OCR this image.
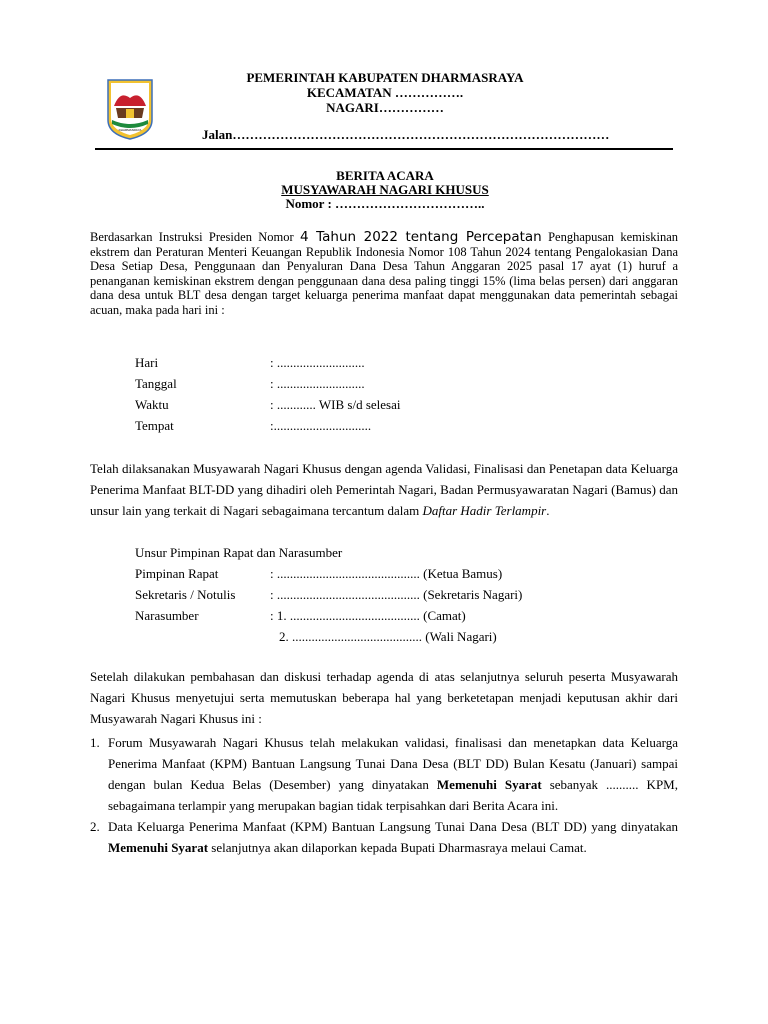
DHARMASRAYA
PEMERINTAH KABUPATEN DHARMASRAYA
KECAMATAN …………….
NAGARI……………
Jalan……………………………………………………………………………
BERITA ACARA
MUSYAWARAH NAGARI KHUSUS
Nomor : ……………………………..
Berdasarkan Instruksi Presiden Nomor 4 Tahun 2022 tentang Percepatan Penghapusan kemiskinan ekstrem dan Peraturan Menteri Keuangan Republik Indonesia Nomor 108 Tahun 2024 tentang Pengalokasian Dana Desa Setiap Desa, Penggunaan dan Penyaluran Dana Desa Tahun Anggaran 2025 pasal 17 ayat (1) huruf a penanganan kemiskinan ekstrem dengan penggunaan dana desa paling tinggi 15% (lima belas persen) dari anggaran dana desa untuk BLT desa dengan target keluarga penerima manfaat dapat menggunakan data pemerintah sebagai acuan, maka pada hari ini :
Hari	: ...........................
Tanggal	: ...........................
Waktu	: ............ WIB s/d selesai
Tempat	:..............................
Telah dilaksanakan Musyawarah Nagari Khusus dengan agenda Validasi, Finalisasi dan Penetapan data Keluarga Penerima Manfaat BLT-DD yang dihadiri oleh Pemerintah Nagari, Badan Permusyawaratan Nagari (Bamus) dan unsur lain yang terkait di Nagari sebagaimana tercantum dalam Daftar Hadir Terlampir.
Unsur Pimpinan Rapat dan Narasumber
Pimpinan Rapat	: ............................................ (Ketua Bamus)
Sekretaris / Notulis	: ............................................ (Sekretaris Nagari)
Narasumber	: 1. ........................................ (Camat)
2. ........................................ (Wali Nagari)
Setelah dilakukan pembahasan dan diskusi terhadap agenda di atas selanjutnya seluruh peserta Musyawarah Nagari Khusus menyetujui serta memutuskan beberapa hal yang berketetapan menjadi keputusan akhir dari Musyawarah Nagari Khusus ini :
1. Forum Musyawarah Nagari Khusus telah melakukan validasi, finalisasi dan menetapkan data Keluarga Penerima Manfaat (KPM) Bantuan Langsung Tunai Dana Desa (BLT DD) Bulan Kesatu (Januari) sampai dengan bulan Kedua Belas (Desember) yang dinyatakan Memenuhi Syarat sebanyak .......... KPM, sebagaimana terlampir yang merupakan bagian tidak terpisahkan dari Berita Acara ini.
2. Data Keluarga Penerima Manfaat (KPM) Bantuan Langsung Tunai Dana Desa (BLT DD) yang dinyatakan Memenuhi Syarat selanjutnya akan dilaporkan kepada Bupati Dharmasraya melaui Camat.
